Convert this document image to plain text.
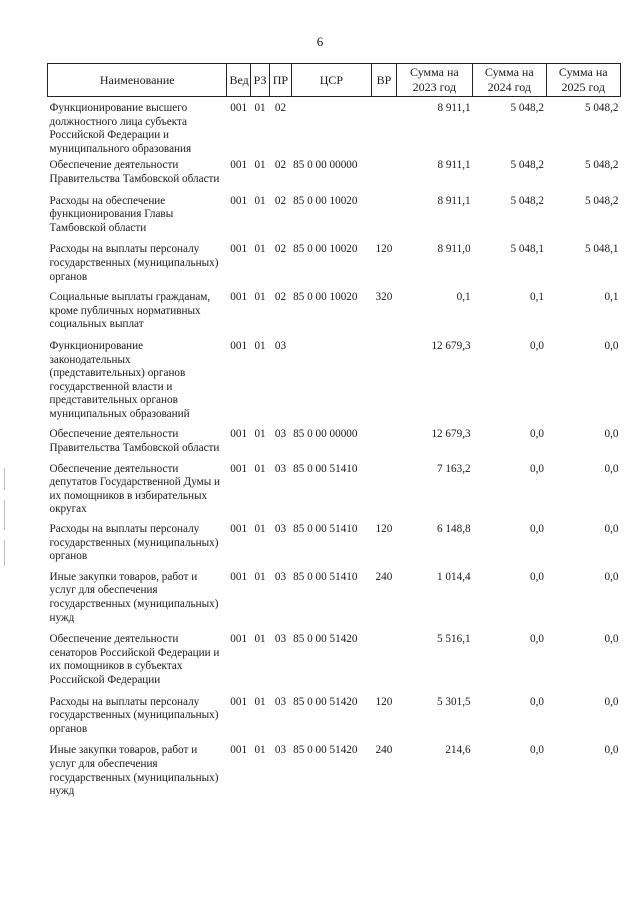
6
Наименование	Вед	РЗ	ПР	ЦСР	ВР	Сумма на 2023 год	Сумма на 2024 год	Сумма на 2025 год
Функционирование высшего должностного лица субъекта Российской Федерации и муниципального образования	001	01	02			8 911,1	5 048,2	5 048,2
Обеспечение деятельности Правительства Тамбовской области	001	01	02	85 0 00 00000		8 911,1	5 048,2	5 048,2
Расходы на обеспечение функционирования Главы Тамбовской области	001	01	02	85 0 00 10020		8 911,1	5 048,2	5 048,2
Расходы на выплаты персоналу государственных (муниципальных) органов	001	01	02	85 0 00 10020	120	8 911,0	5 048,1	5 048,1
Социальные выплаты гражданам, кроме публичных нормативных социальных выплат	001	01	02	85 0 00 10020	320	0,1	0,1	0,1
Функционирование законодательных (представительных) органов государственной власти и представительных органов муниципальных образований	001	01	03			12 679,3	0,0	0,0
Обеспечение деятельности Правительства Тамбовской области	001	01	03	85 0 00 00000		12 679,3	0,0	0,0
Обеспечение деятельности депутатов Государственной Думы и их помощников в избирательных округах	001	01	03	85 0 00 51410		7 163,2	0,0	0,0
Расходы на выплаты персоналу государственных (муниципальных) органов	001	01	03	85 0 00 51410	120	6 148,8	0,0	0,0
Иные закупки товаров, работ и услуг для обеспечения государственных (муниципальных) нужд	001	01	03	85 0 00 51410	240	1 014,4	0,0	0,0
Обеспечение деятельности сенаторов Российской Федерации и их помощников в субъектах Российской Федерации	001	01	03	85 0 00 51420		5 516,1	0,0	0,0
Расходы на выплаты персоналу государственных (муниципальных) органов	001	01	03	85 0 00 51420	120	5 301,5	0,0	0,0
Иные закупки товаров, работ и услуг для обеспечения государственных (муниципальных) нужд	001	01	03	85 0 00 51420	240	214,6	0,0	0,0
